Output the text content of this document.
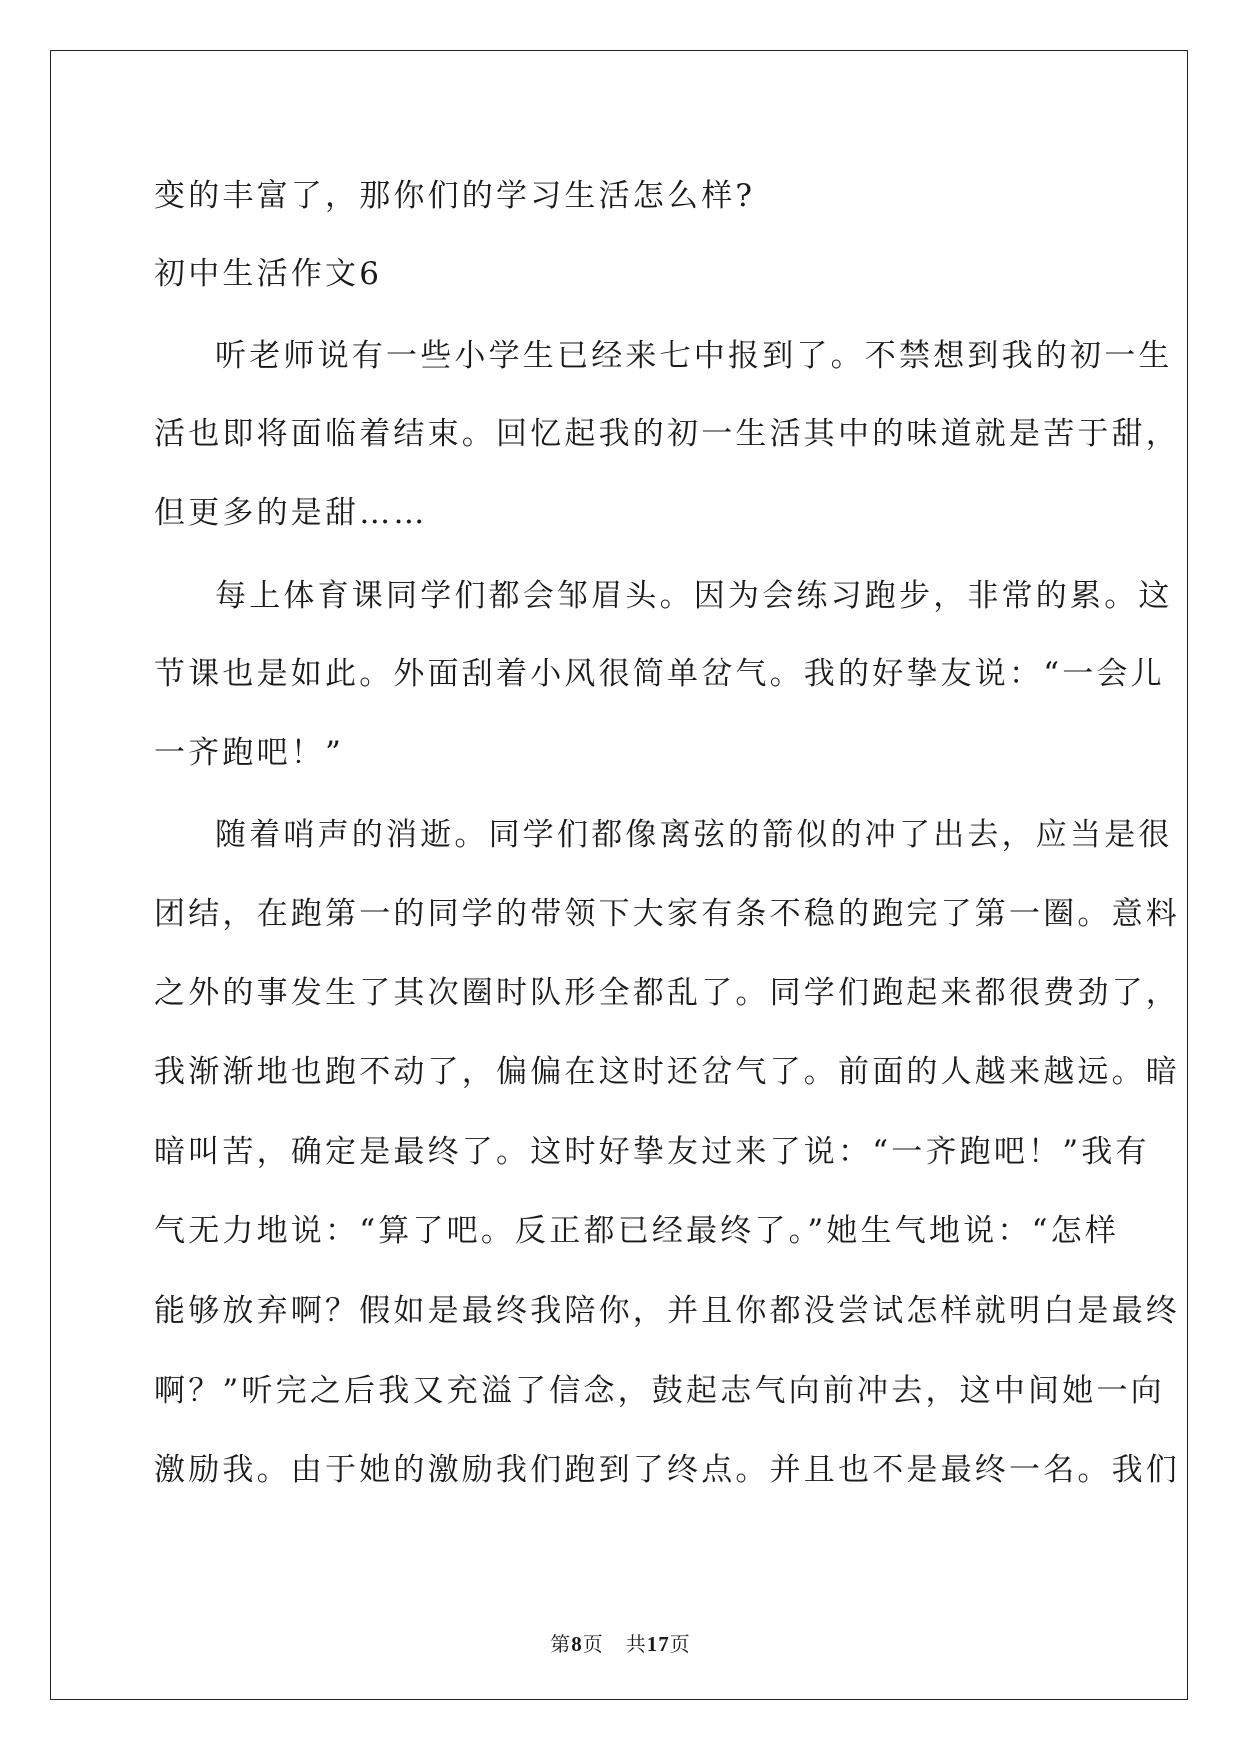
变的丰富了，那你们的学习生活怎么样?
初中生活作文6
听老师说有一些小学生已经来七中报到了。不禁想到我的初一生
活也即将面临着结束。回忆起我的初一生活其中的味道就是苦于甜，
但更多的是甜……
每上体育课同学们都会邹眉头。因为会练习跑步，非常的累。这
节课也是如此。外面刮着小风很简单岔气。我的好挚友说：“一会儿
一齐跑吧！”
随着哨声的消逝。同学们都像离弦的箭似的冲了出去，应当是很
团结，在跑第一的同学的带领下大家有条不稳的跑完了第一圈。意料
之外的事发生了其次圈时队形全都乱了。同学们跑起来都很费劲了，
我渐渐地也跑不动了，偏偏在这时还岔气了。前面的人越来越远。暗
暗叫苦，确定是最终了。这时好挚友过来了说：“一齐跑吧！”我有
气无力地说：“算了吧。反正都已经最终了。”她生气地说：“怎样
能够放弃啊？假如是最终我陪你，并且你都没尝试怎样就明白是最终
啊？”听完之后我又充溢了信念，鼓起志气向前冲去，这中间她一向
激励我。由于她的激励我们跑到了终点。并且也不是最终一名。我们
第8页 共17页
